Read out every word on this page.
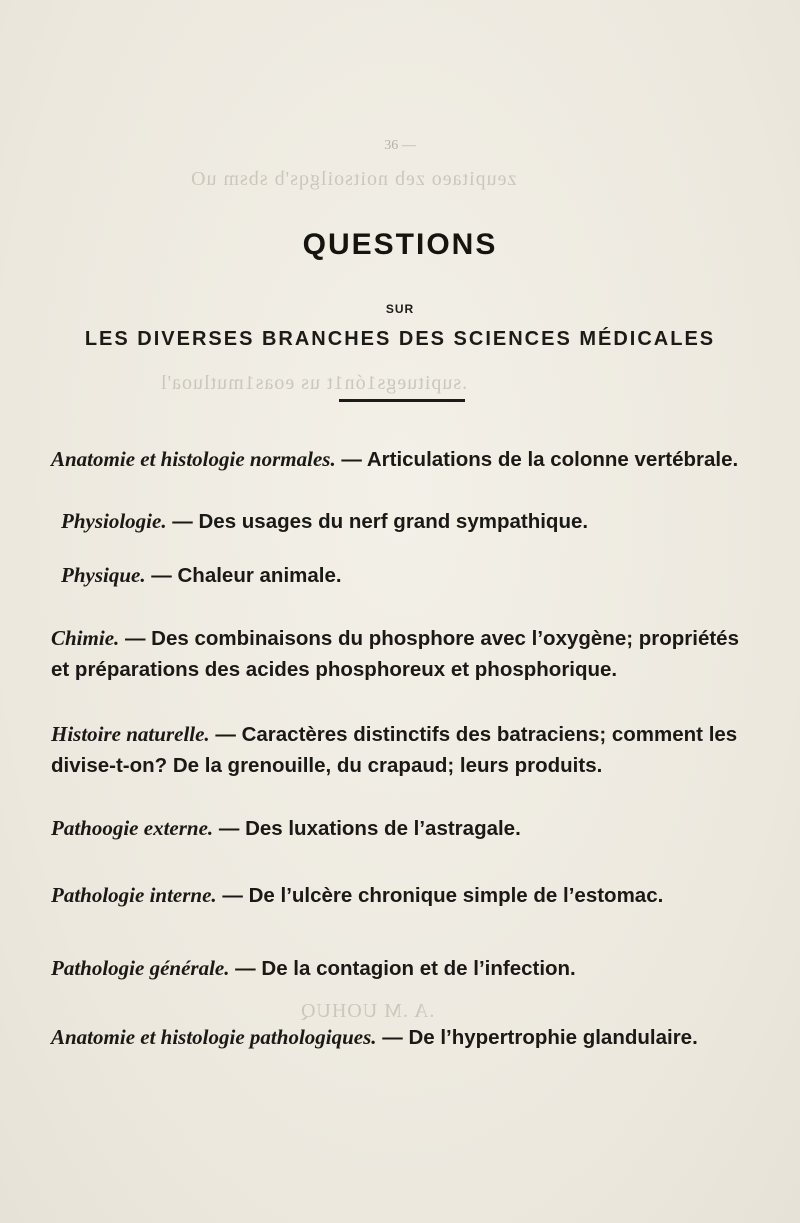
zeupitaeo zeb noitsoilgqs'b sbsm uO
.supituegs1ón1t us eoas1mutluoa'l
.A .M UOHUQ
36 —
QUESTIONS
SUR
LES DIVERSES BRANCHES DES SCIENCES MÉDICALES

Anatomie et histologie normales. — Articulations de la colonne vertébrale.

Physiologie. — Des usages du nerf grand sympathique.

Physique. — Chaleur animale.

Chimie. — Des combinaisons du phosphore avec l’oxygène; propriétés et préparations des acides phosphoreux et phosphorique.

Histoire naturelle. — Caractères distinctifs des batraciens; comment les divise-t-on? De la grenouille, du crapaud; leurs produits.

Pathoogie externe. — Des luxations de l’astragale.

Pathologie interne. — De l’ulcère chronique simple de l’estomac.

Pathologie générale. — De la contagion et de l’infection.

Anatomie et histologie pathologiques. — De l’hypertrophie glandulaire.
